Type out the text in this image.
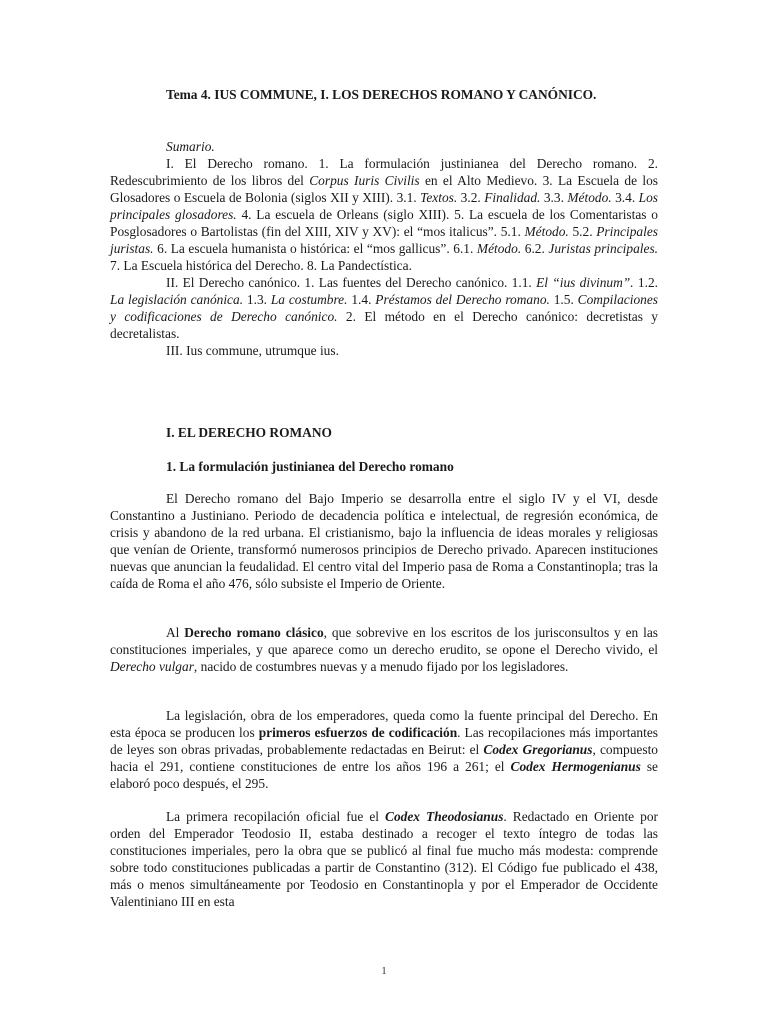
Tema 4. IUS COMMUNE, I. LOS DERECHOS ROMANO Y CANÓNICO.

Sumario.

I. El Derecho romano. 1. La formulación justinianea del Derecho romano. 2. Redescubrimiento de los libros del Corpus Iuris Civilis en el Alto Medievo. 3. La Escuela de los Glosadores o Escuela de Bolonia (siglos XII y XIII). 3.1. Textos. 3.2. Finalidad. 3.3. Método. 3.4. Los principales glosadores. 4. La escuela de Orleans (siglo XIII). 5. La escuela de los Comentaristas o Posglosadores o Bartolistas (fin del XIII, XIV y XV): el “mos italicus”. 5.1. Método. 5.2. Principales juristas. 6. La escuela humanista o histórica: el “mos gallicus”. 6.1. Método. 6.2. Juristas principales. 7. La Escuela histórica del Derecho. 8. La Pandectística.

II. El Derecho canónico. 1. Las fuentes del Derecho canónico. 1.1. El “ius divinum”. 1.2. La legislación canónica. 1.3. La costumbre. 1.4. Préstamos del Derecho romano. 1.5. Compilaciones y codificaciones de Derecho canónico. 2. El método en el Derecho canónico: decretistas y decretalistas.

III. Ius commune, utrumque ius.

I. EL DERECHO ROMANO
1. La formulación justinianea del Derecho romano

El Derecho romano del Bajo Imperio se desarrolla entre el siglo IV y el VI, desde Constantino a Justiniano. Periodo de decadencia política e intelectual, de regresión económica, de crisis y abandono de la red urbana. El cristianismo, bajo la influencia de ideas morales y religiosas que venían de Oriente, transformó numerosos principios de Derecho privado. Aparecen instituciones nuevas que anuncian la feudalidad. El centro vital del Imperio pasa de Roma a Constantinopla; tras la caída de Roma el año 476, sólo subsiste el Imperio de Oriente.

Al Derecho romano clásico, que sobrevive en los escritos de los jurisconsultos y en las constituciones imperiales, y que aparece como un derecho erudito, se opone el Derecho vivido, el Derecho vulgar, nacido de costumbres nuevas y a menudo fijado por los legisladores.

La legislación, obra de los emperadores, queda como la fuente principal del Derecho. En esta época se producen los primeros esfuerzos de codificación. Las recopilaciones más importantes de leyes son obras privadas, probablemente redactadas en Beirut: el Codex Gregorianus, compuesto hacia el 291, contiene constituciones de entre los años 196 a 261; el Codex Hermogenianus se elaboró poco después, el 295.

La primera recopilación oficial fue el Codex Theodosianus. Redactado en Oriente por orden del Emperador Teodosio II, estaba destinado a recoger el texto íntegro de todas las constituciones imperiales, pero la obra que se publicó al final fue mucho más modesta: comprende sobre todo constituciones publicadas a partir de Constantino (312). El Código fue publicado el 438, más o menos simultáneamente por Teodosio en Constantinopla y por el Emperador de Occidente Valentiniano III en esta

1
